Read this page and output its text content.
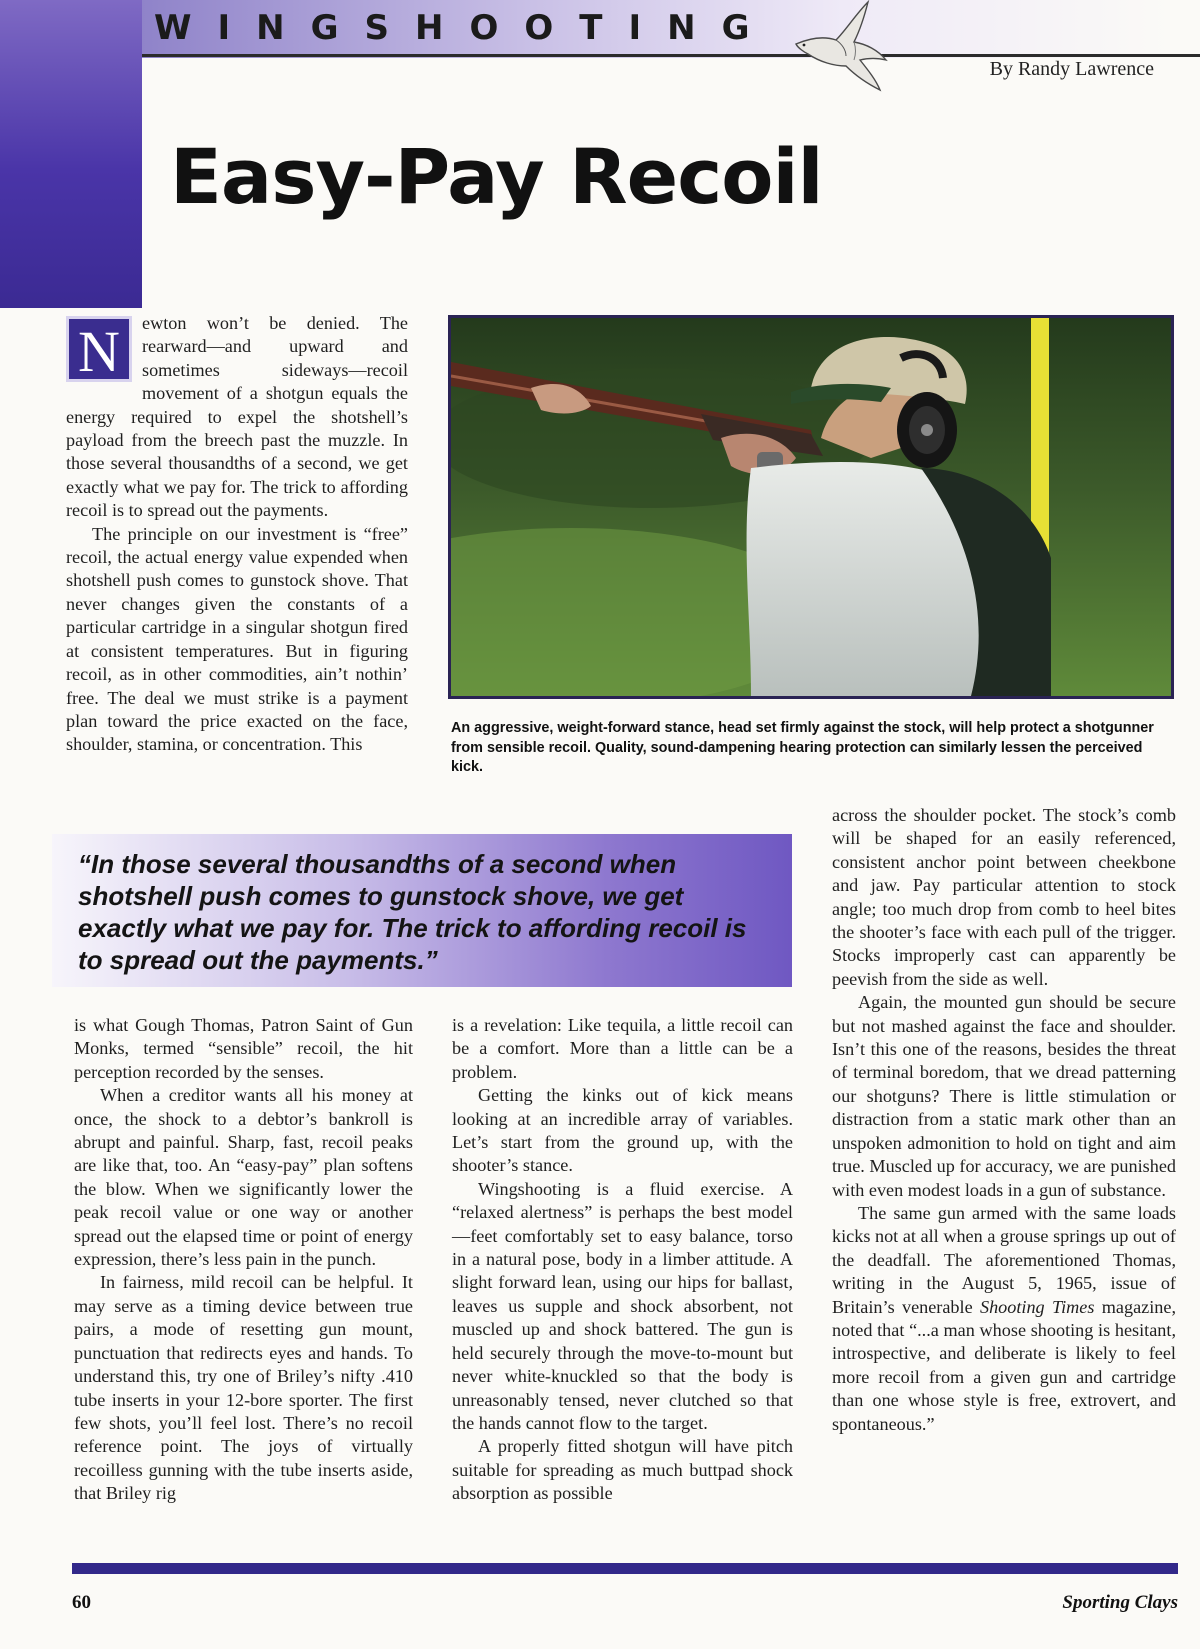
WINGSHOOTING
By Randy Lawrence
Easy-Pay Recoil

N	ewton won’t be denied. The rearward—and upward and sometimes sideways—recoil movement of a shotgun equals the energy required to expel the shotshell’s payload from the breech past the muzzle. In those several thousandths of a second, we get exactly what we pay for. The trick to affording recoil is to spread out the payments.

The principle on our investment is “free” recoil, the actual energy value expended when shotshell push comes to gunstock shove. That never changes given the constants of a particular cartridge in a singular shotgun fired at consistent temperatures. But in figuring recoil, as in other commodities, ain’t nothin’ free. The deal we must strike is a payment plan toward the price exacted on the face, shoulder, stamina, or concentration. This

An aggressive, weight-forward stance, head set firmly against the stock, will help protect a shotgunner from sensible recoil. Quality, sound-dampening hearing protection can similarly lessen the perceived kick.
“In those several thousandths of a second when shotshell push comes to gunstock shove, we get exactly what we pay for. The trick to affording recoil is to spread out the payments.”

is what Gough Thomas, Patron Saint of Gun Monks, termed “sensible” recoil, the hit perception recorded by the senses.

When a creditor wants all his money at once, the shock to a debtor’s bankroll is abrupt and painful. Sharp, fast, recoil peaks are like that, too. An “easy-pay” plan softens the blow. When we significantly lower the peak recoil value or one way or another spread out the elapsed time or point of energy expression, there’s less pain in the punch.

In fairness, mild recoil can be helpful. It may serve as a timing device between true pairs, a mode of resetting gun mount, punctuation that redirects eyes and hands. To understand this, try one of Briley’s nifty .410 tube inserts in your 12-bore sporter. The first few shots, you’ll feel lost. There’s no recoil reference point. The joys of virtually recoilless gunning with the tube inserts aside, that Briley rig

is a revelation: Like tequila, a little recoil can be a comfort. More than a little can be a problem.

Getting the kinks out of kick means looking at an incredible array of variables. Let’s start from the ground up, with the shooter’s stance.

Wingshooting is a fluid exercise. A “relaxed alertness” is perhaps the best model—feet comfortably set to easy balance, torso in a natural pose, body in a limber attitude. A slight forward lean, using our hips for ballast, leaves us supple and shock absorbent, not muscled up and shock battered. The gun is held securely through the move-to-mount but never white-knuckled so that the body is unreasonably tensed, never clutched so that the hands cannot flow to the target.

A properly fitted shotgun will have pitch suitable for spreading as much buttpad shock absorption as possible

across the shoulder pocket. The stock’s comb will be shaped for an easily referenced, consistent anchor point between cheekbone and jaw. Pay particular attention to stock angle; too much drop from comb to heel bites the shooter’s face with each pull of the trigger. Stocks improperly cast can apparently be peevish from the side as well.

Again, the mounted gun should be secure but not mashed against the face and shoulder. Isn’t this one of the reasons, besides the threat of terminal boredom, that we dread patterning our shotguns? There is little stimulation or distraction from a static mark other than an unspoken admonition to hold on tight and aim true. Muscled up for accuracy, we are punished with even modest loads in a gun of substance.

The same gun armed with the same loads kicks not at all when a grouse springs up out of the deadfall. The aforementioned Thomas, writing in the August 5, 1965, issue of Britain’s venerable Shooting Times magazine, noted that “...a man whose shooting is hesitant, introspective, and deliberate is likely to feel more recoil from a given gun and cartridge than one whose style is free, extrovert, and spontaneous.”

60	Sporting Clays
